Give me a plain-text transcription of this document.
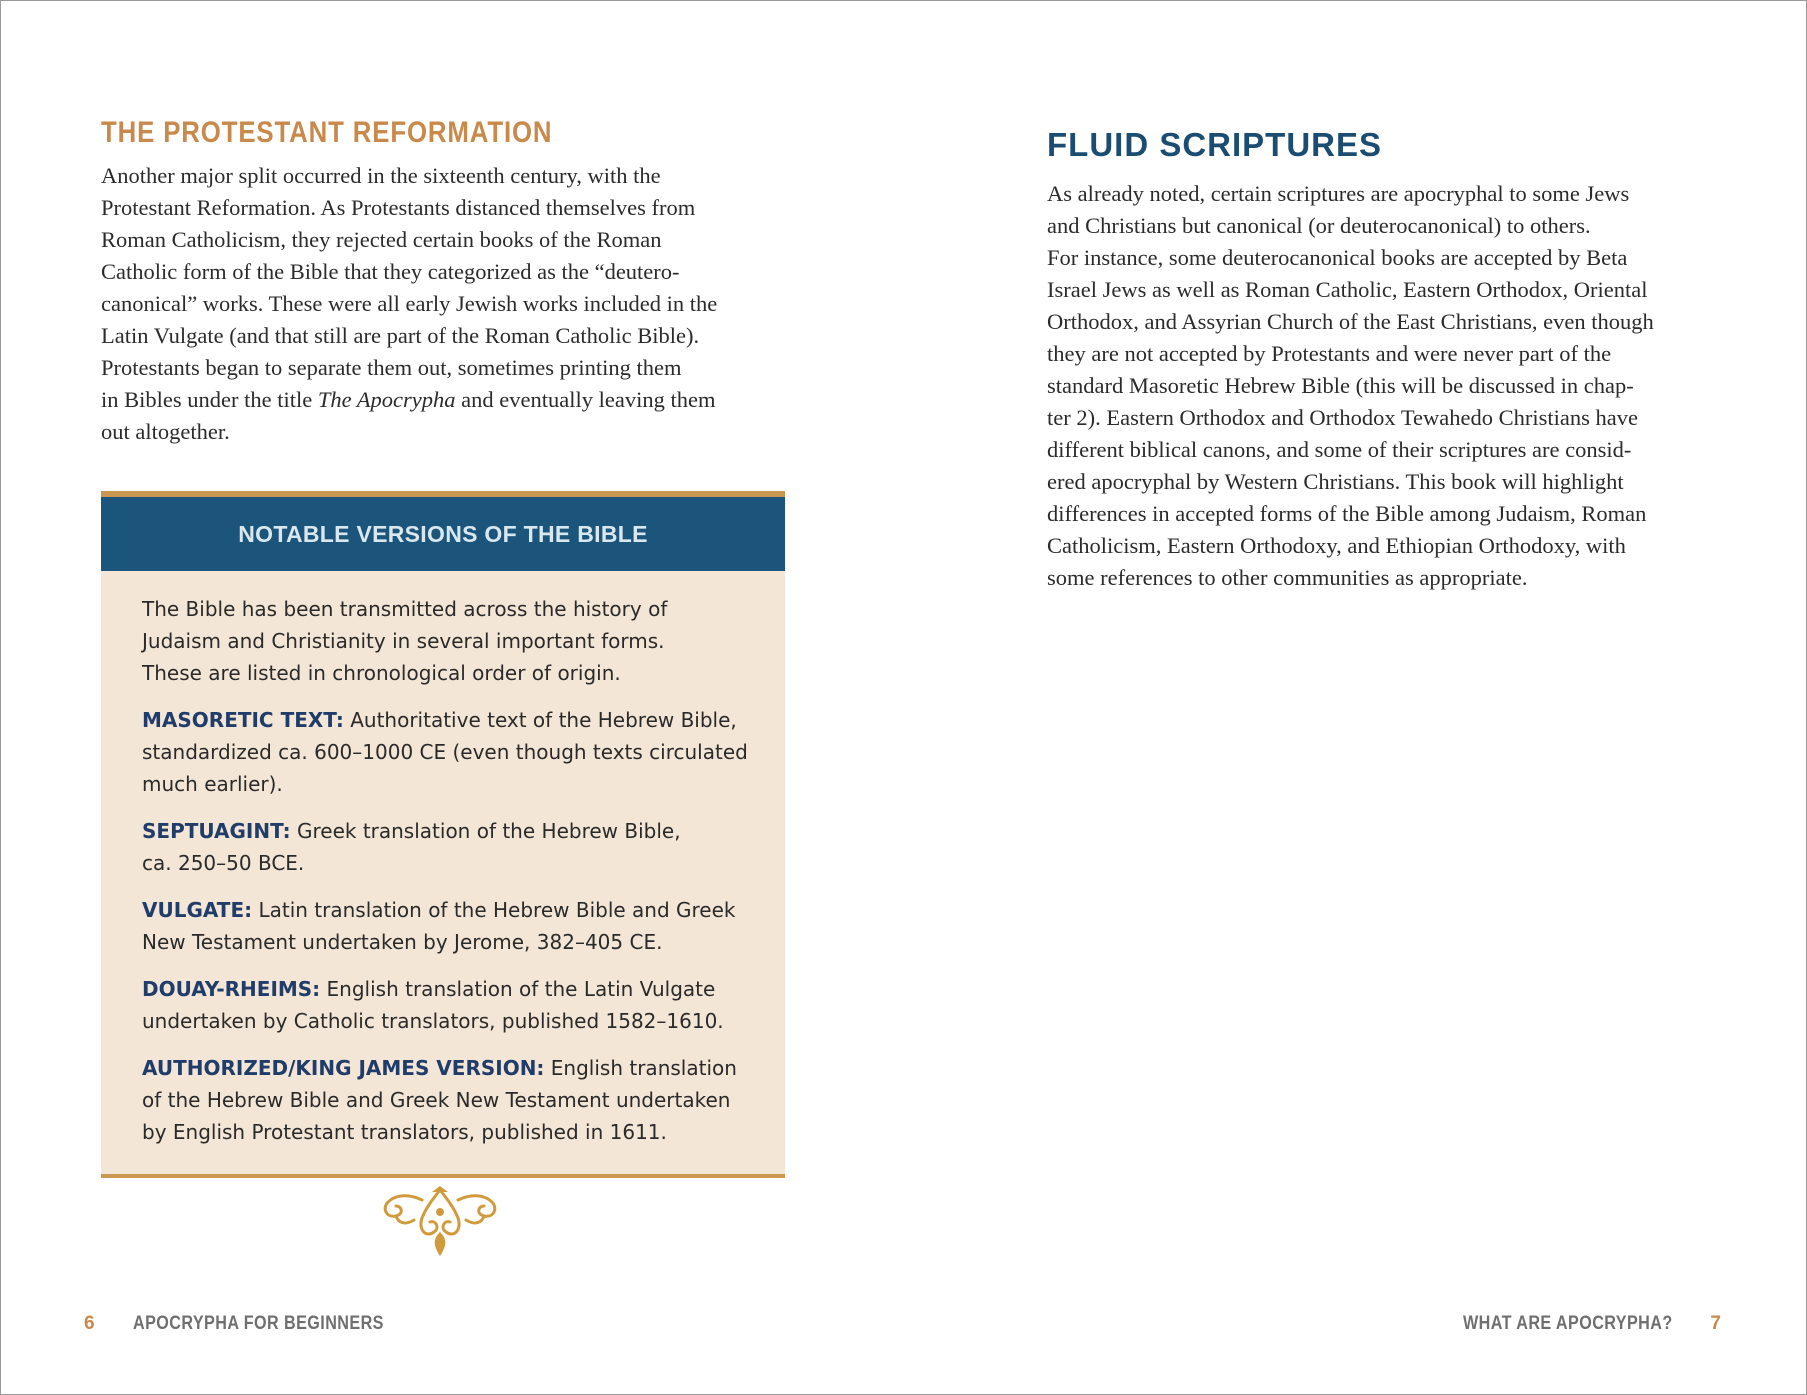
THE PROTESTANT REFORMATION

Another major split occurred in the sixteenth century, with the
Protestant Reformation. As Protestants distanced themselves from
Roman Catholicism, they rejected certain books of the Roman
Catholic form of the Bible that they categorized as the “deutero-
canonical” works. These were all early Jewish works included in the
Latin Vulgate (and that still are part of the Roman Catholic Bible).
Protestants began to separate them out, sometimes printing them
in Bibles under the title The Apocrypha and eventually leaving them
out altogether.

NOTABLE VERSIONS OF THE BIBLE

The Bible has been transmitted across the history of
Judaism and Christianity in several important forms.
These are listed in chronological order of origin.

MASORETIC TEXT: Authoritative text of the Hebrew Bible,
standardized ca. 600–1000 CE (even though texts circulated
much earlier).

SEPTUAGINT: Greek translation of the Hebrew Bible,
ca. 250–50 BCE.

VULGATE: Latin translation of the Hebrew Bible and Greek
New Testament undertaken by Jerome, 382–405 CE.

DOUAY-RHEIMS: English translation of the Latin Vulgate
undertaken by Catholic translators, published 1582–1610.

AUTHORIZED/KING JAMES VERSION: English translation
of the Hebrew Bible and Greek New Testament undertaken
by English Protestant translators, published in 1611.

6 APOCRYPHA FOR BEGINNERS
FLUID SCRIPTURES

As already noted, certain scriptures are apocryphal to some Jews
and Christians but canonical (or deuterocanonical) to others.
For instance, some deuterocanonical books are accepted by Beta
Israel Jews as well as Roman Catholic, Eastern Orthodox, Oriental
Orthodox, and Assyrian Church of the East Christians, even though
they are not accepted by Protestants and were never part of the
standard Masoretic Hebrew Bible (this will be discussed in chap-
ter 2). Eastern Orthodox and Orthodox Tewahedo Christians have
different biblical canons, and some of their scriptures are consid-
ered apocryphal by Western Christians. This book will highlight
differences in accepted forms of the Bible among Judaism, Roman
Catholicism, Eastern Orthodoxy, and Ethiopian Orthodoxy, with
some references to other communities as appropriate.

WHAT ARE APOCRYPHA? 7
